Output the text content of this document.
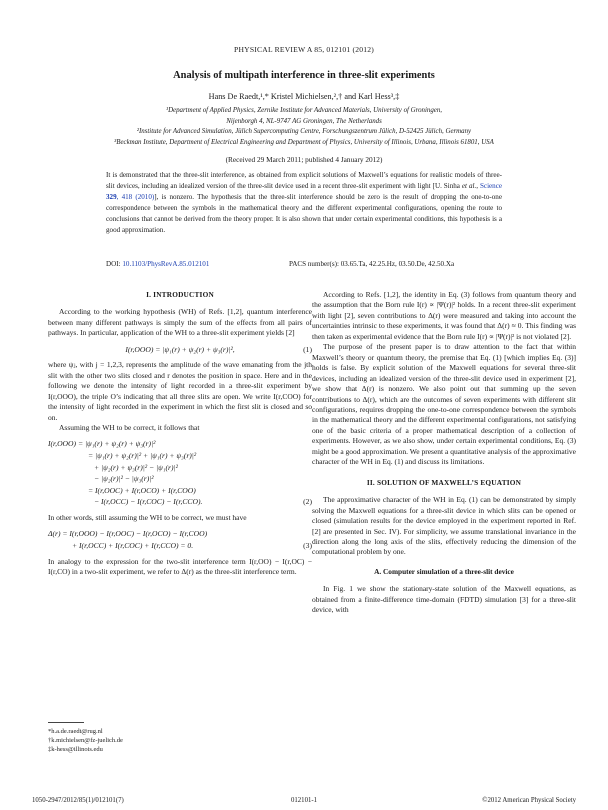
PHYSICAL REVIEW A 85, 012101 (2012)
Analysis of multipath interference in three-slit experiments
Hans De Raedt,¹,* Kristel Michielsen,²,† and Karl Hess³,‡
¹Department of Applied Physics, Zernike Institute for Advanced Materials, University of Groningen,
Nijenborgh 4, NL-9747 AG Groningen, The Netherlands
²Institute for Advanced Simulation, Jülich Supercomputing Centre, Forschungszentrum Jülich, D-52425 Jülich, Germany
³Beckman Institute, Department of Electrical Engineering and Department of Physics, University of Illinois, Urbana, Illinois 61801, USA
(Received 29 March 2011; published 4 January 2012)
It is demonstrated that the three-slit interference, as obtained from explicit solutions of Maxwell’s equations for realistic models of three-slit devices, including an idealized version of the three-slit device used in a recent three-slit experiment with light [U. Sinha et al., Science 329, 418 (2010)], is nonzero. The hypothesis that the three-slit interference should be zero is the result of dropping the one-to-one correspondence between the symbols in the mathematical theory and the different experimental configurations, opening the route to conclusions that cannot be derived from the theory proper. It is also shown that under certain experimental conditions, this hypothesis is a good approximation.
DOI: 10.1103/PhysRevA.85.012101	PACS number(s): 03.65.Ta, 42.25.Hz, 03.50.De, 42.50.Xa
I. INTRODUCTION

According to the working hypothesis (WH) of Refs. [1,2], quantum interference between many different pathways is simply the sum of the effects from all pairs of pathways. In particular, application of the WH to a three-slit experiment yields [2]

I(r,OOO) = |ψ₁(r) + ψ₂(r) + ψ₃(r)|²,	(1)

where ψⱼ, with j = 1,2,3, represents the amplitude of the wave emanating from the jth slit with the other two slits closed and r denotes the position in space. Here and in the following we denote the intensity of light recorded in a three-slit experiment by I(r,OOO), the triple O’s indicating that all three slits are open. We write I(r,COO) for the intensity of light recorded in the experiment in which the first slit is closed and so on.

Assuming the WH to be correct, it follows that

I(r,OOO) = |ψ₁(r) + ψ₂(r) + ψ₃(r)|²
= |ψ₁(r) + ψ₂(r)|² + |ψ₁(r) + ψ₃(r)|²
+ |ψ₂(r) + ψ₃(r)|² − |ψ₁(r)|²
− |ψ₂(r)|² − |ψ₃(r)|²
= I(r,OOC) + I(r,OCO) + I(r,COO)
− I(r,OCC) − I(r,COC) − I(r,CCO).	(2)

In other words, still assuming the WH to be correct, we must have

Δ(r) = I(r,OOO) − I(r,OOC) − I(r,OCO) − I(r,COO)
+ I(r,OCC) + I(r,COC) + I(r,CCO) = 0.	(3)

In analogy to the expression for the two-slit interference term I(r,OO) − I(r,OC) − I(r,CO) in a two-slit experiment, we refer to Δ(r) as the three-slit interference term.

*h.a.de.raedt@rug.nl
†k.michielsen@fz-juelich.de
‡k-hess@illinois.edu

According to Refs. [1,2], the identity in Eq. (3) follows from quantum theory and the assumption that the Born rule I(r) ∝ |Ψ(r)|² holds. In a recent three-slit experiment with light [2], seven contributions to Δ(r) were measured and taking into account the uncertainties intrinsic to these experiments, it was found that Δ(r) ≈ 0. This finding was then taken as experimental evidence that the Born rule I(r) ∝ |Ψ(r)|² is not violated [2].

The purpose of the present paper is to draw attention to the fact that within Maxwell’s theory or quantum theory, the premise that Eq. (1) [which implies Eq. (3)] holds is false. By explicit solution of the Maxwell equations for several three-slit devices, including an idealized version of the three-slit device used in experiment [2], we show that Δ(r) is nonzero. We also point out that summing up the seven contributions to Δ(r), which are the outcomes of seven experiments with different slit configurations, requires dropping the one-to-one correspondence between the symbols in the mathematical theory and the different experimental configurations, not satisfying one of the basic criteria of a proper mathematical description of a collection of experiments. However, as we also show, under certain experimental conditions, Eq. (3) might be a good approximation. We present a quantitative analysis of the approximative character of the WH in Eq. (1) and discuss its limitations.

II. SOLUTION OF MAXWELL’S EQUATION

The approximative character of the WH in Eq. (1) can be demonstrated by simply solving the Maxwell equations for a three-slit device in which slits can be opened or closed (simulation results for the device employed in the experiment reported in Ref. [2] are presented in Sec. IV). For simplicity, we assume translational invariance in the direction along the long axis of the slits, effectively reducing the dimension of the computational problem by one.

A. Computer simulation of a three-slit device

In Fig. 1 we show the stationary-state solution of the Maxwell equations, as obtained from a finite-difference time-domain (FDTD) simulation [3] for a three-slit device, with

1050-2947/2012/85(1)/012101(7)	012101-1	©2012 American Physical Society
